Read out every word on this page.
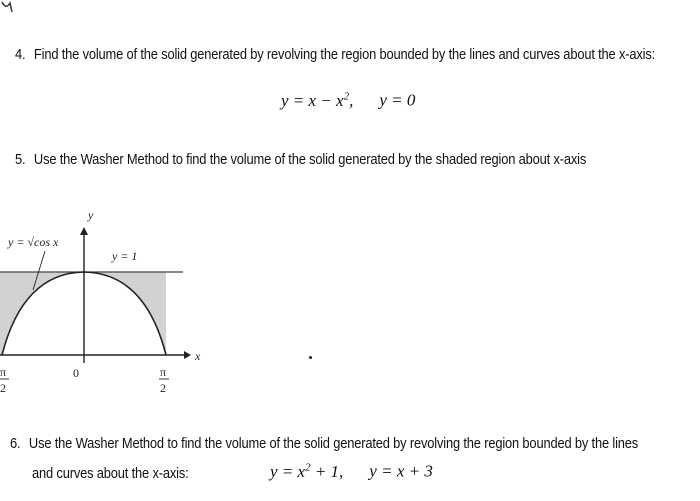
4. Find the volume of the solid generated by revolving the region bounded by the lines and curves about the x-axis:
$y = x - x^2$, y = 0
5. Use the Washer Method to find the volume of the solid generated by the shaded region about x-axis
y
x
y = √cos x
y = 1
0
π
2
π
2
6. Use the Washer Method to find the volume of the solid generated by revolving the region bounded by the lines
and curves about the x-axis:	$y = x^2 + 1$, y = x + 3
